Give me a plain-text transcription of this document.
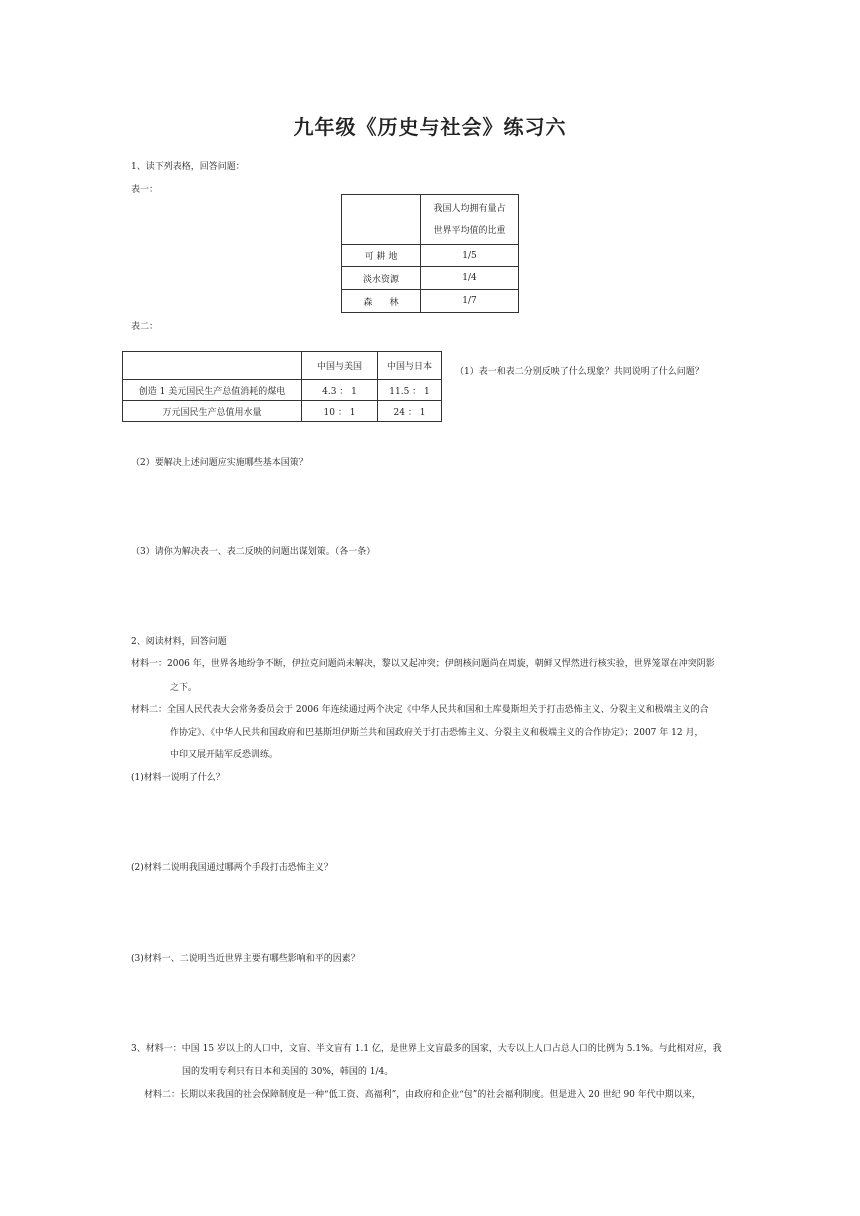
九年级《历史与社会》练习六
1、读下列表格，回答问题：
表一：

	我国人均拥有量占
世界平均值的比重

可 耕 地	1/5
淡水资源	1/4
森      林	1/7
表二：
	中国与美国	中国与日本
创造 1 美元国民生产总值消耗的煤电	4.3 ： 1	11.5 ： 1
万元国民生产总值用水量	10 ： 1	24 ： 1
（1）表一和表二分别反映了什么现象？共同说明了什么问题？
（2）要解决上述问题应实施哪些基本国策？
（3）请你为解决表一、表二反映的问题出谋划策。（各一条）
2、阅读材料，回答问题
材料一：2006 年，世界各地纷争不断，伊拉克问题尚未解决，黎以又起冲突；伊朗核问题尚在周旋，朝鲜又悍然进行核实验，世界笼罩在冲突阴影
之下。
材料二：全国人民代表大会常务委员会于 2006 年连续通过两个决定《中华人民共和国和土库曼斯坦关于打击恐怖主义、分裂主义和极端主义的合
作协定》、《中华人民共和国政府和巴基斯坦伊斯兰共和国政府关于打击恐怖主义、分裂主义和极端主义的合作协定》；2007 年 12 月，
中印又展开陆军反恐训练。
(1)材料一说明了什么？
(2)材料二说明我国通过哪两个手段打击恐怖主义？
(3)材料一、二说明当近世界主要有哪些影响和平的因素？
3、材料一：中国 15 岁以上的人口中，文盲、半文盲有 1.1 亿，是世界上文盲最多的国家，大专以上人口占总人口的比例为 5.1%。与此相对应，我
国的发明专利只有日本和美国的 30%，韩国的 1/4。
材料二：长期以来我国的社会保障制度是一种“低工资、高福利”，由政府和企业“包”的社会福利制度。但是进入 20 世纪 90 年代中期以来，
